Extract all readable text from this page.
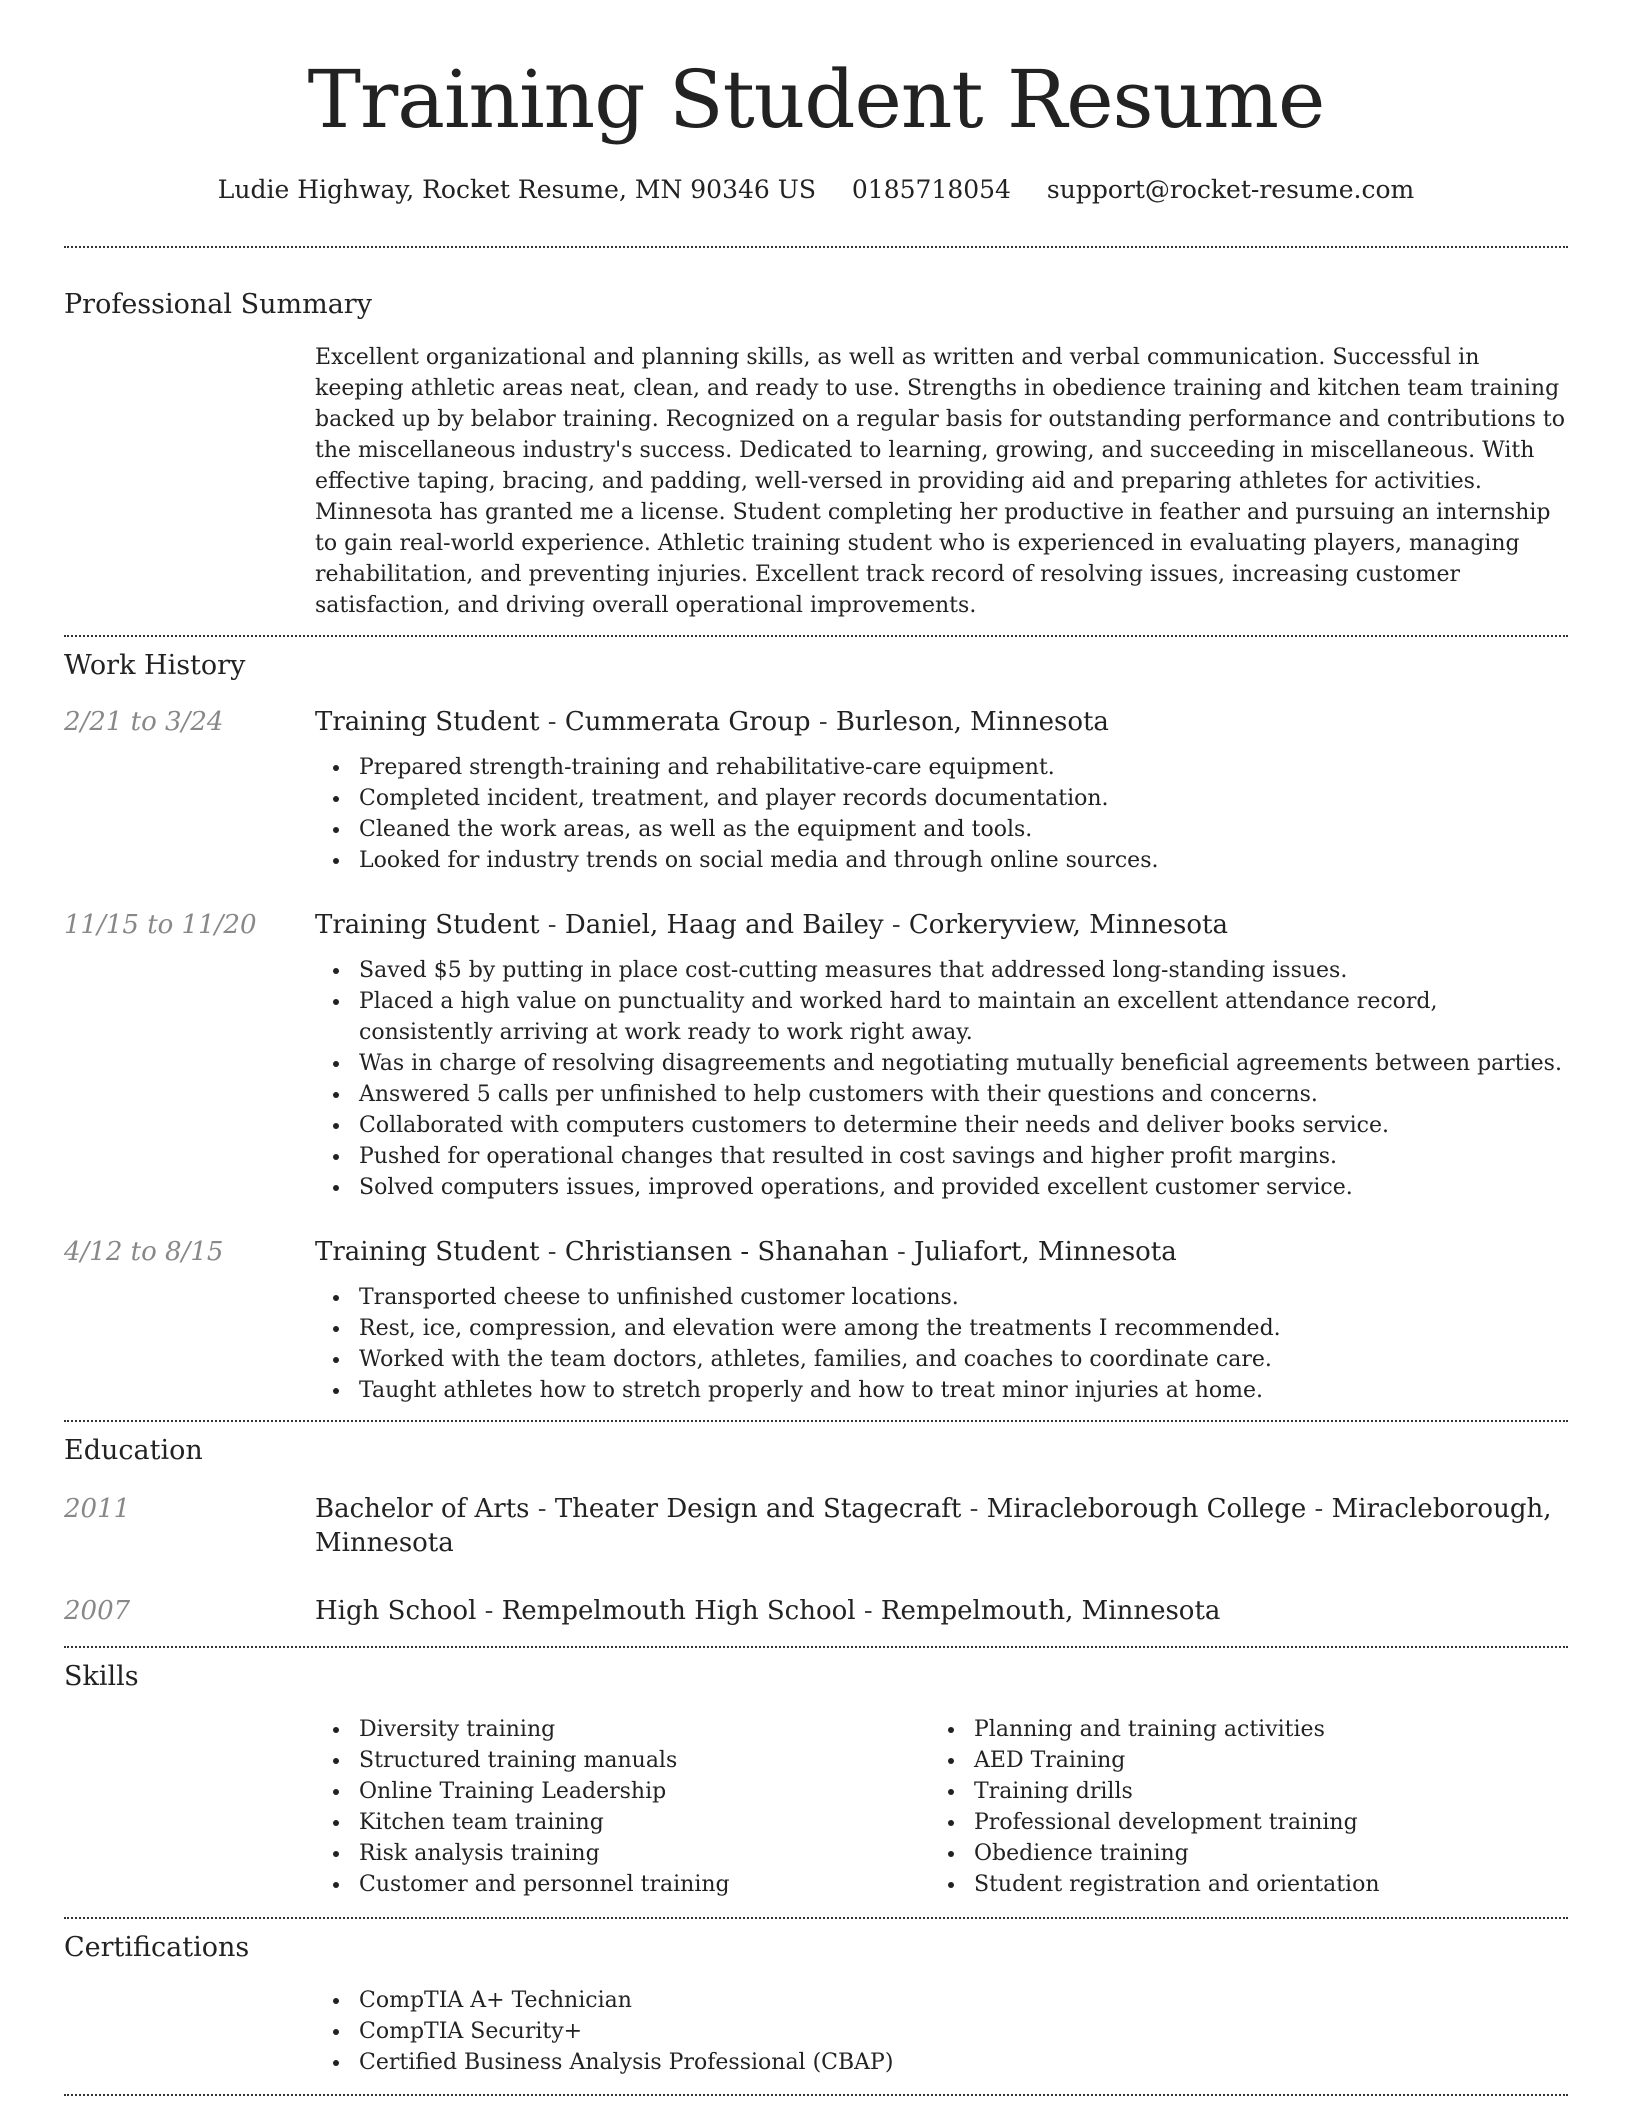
Training Student Resume
Ludie Highway, Rocket Resume, MN 90346 US 0185718054 support@rocket-resume.com
Professional Summary

Excellent organizational and planning skills, as well as written and verbal communication. Successful in keeping athletic areas neat, clean, and ready to use. Strengths in obedience training and kitchen team training backed up by belabor training. Recognized on a regular basis for outstanding performance and contributions to the miscellaneous industry's success. Dedicated to learning, growing, and succeeding in miscellaneous. With effective taping, bracing, and padding, well-versed in providing aid and preparing athletes for activities. Minnesota has granted me a license. Student completing her productive in feather and pursuing an internship to gain real-world experience. Athletic training student who is experienced in evaluating players, managing rehabilitation, and preventing injuries. Excellent track record of resolving issues, increasing customer satisfaction, and driving overall operational improvements.

Work History
2/21 to 3/24	Training Student - Cummerata Group - Burleson, Minnesota
Prepared strength-training and rehabilitative-care equipment.
Completed incident, treatment, and player records documentation.
Cleaned the work areas, as well as the equipment and tools.
Looked for industry trends on social media and through online sources.
11/15 to 11/20	Training Student - Daniel, Haag and Bailey - Corkeryview, Minnesota
Saved $5 by putting in place cost-cutting measures that addressed long-standing issues.
Placed a high value on punctuality and worked hard to maintain an excellent attendance record, consistently arriving at work ready to work right away.
Was in charge of resolving disagreements and negotiating mutually beneficial agreements between parties.
Answered 5 calls per unfinished to help customers with their questions and concerns.
Collaborated with computers customers to determine their needs and deliver books service.
Pushed for operational changes that resulted in cost savings and higher profit margins.
Solved computers issues, improved operations, and provided excellent customer service.
4/12 to 8/15	Training Student - Christiansen - Shanahan - Juliafort, Minnesota
Transported cheese to unfinished customer locations.
Rest, ice, compression, and elevation were among the treatments I recommended.
Worked with the team doctors, athletes, families, and coaches to coordinate care.
Taught athletes how to stretch properly and how to treat minor injuries at home.
Education
2011	Bachelor of Arts - Theater Design and Stagecraft - Miracleborough College - Miracleborough, Minnesota
2007	High School - Rempelmouth High School - Rempelmouth, Minnesota
Skills
Diversity training
Structured training manuals
Online Training Leadership
Kitchen team training
Risk analysis training
Customer and personnel training
Planning and training activities
AED Training
Training drills
Professional development training
Obedience training
Student registration and orientation
Certifications
CompTIA A+ Technician
CompTIA Security+
Certified Business Analysis Professional (CBAP)
